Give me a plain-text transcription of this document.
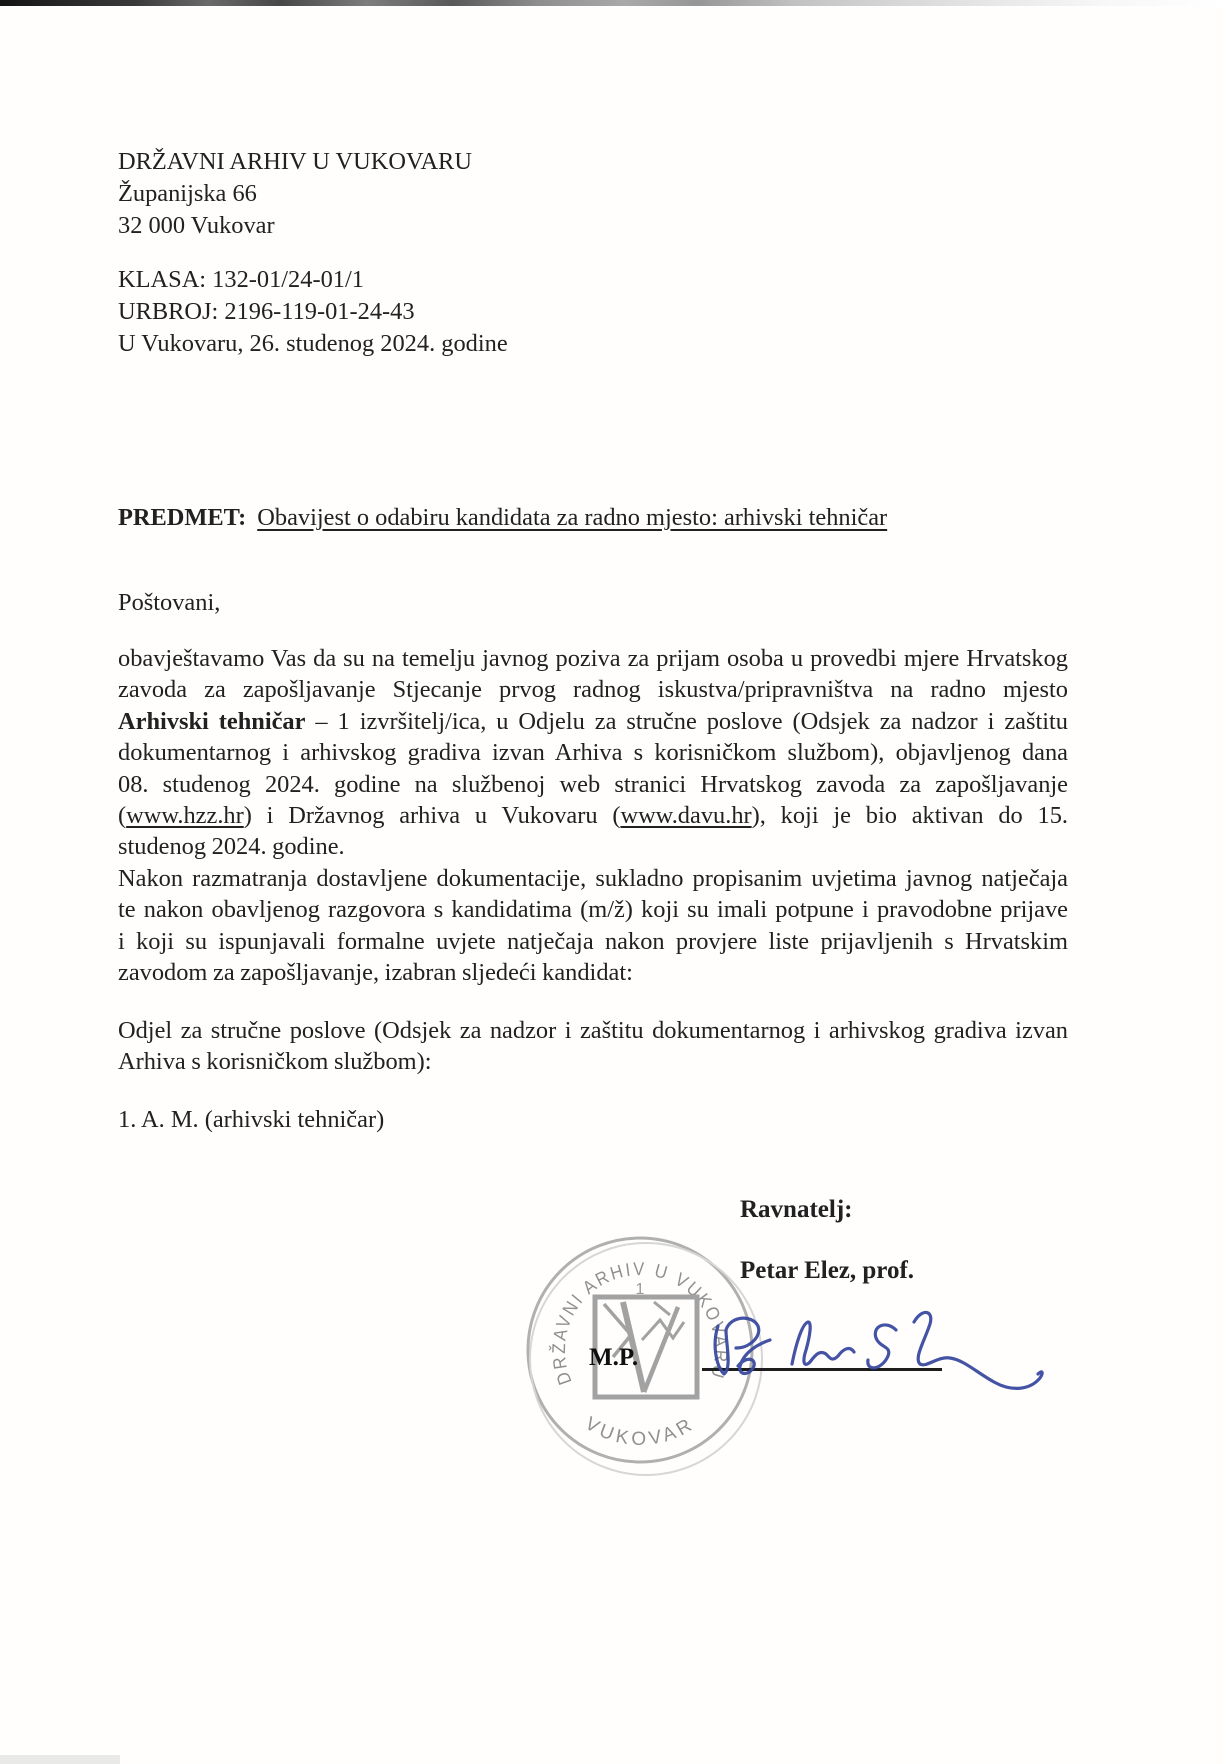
DRŽAVNI ARHIV U VUKOVARU
Županijska 66
32 000 Vukovar
KLASA: 132-01/24-01/1
URBROJ: 2196-119-01-24-43
U Vukovaru, 26. studenog 2024. godine
PREDMET: Obavijest o odabiru kandidata za radno mjesto: arhivski tehničar
Poštovani,
obavještavamo Vas da su na temelju javnog poziva za prijam osoba u provedbi mjere Hrvatskog
zavoda za zapošljavanje Stjecanje prvog radnog iskustva/pripravništva na radno mjesto
Arhivski tehničar – 1 izvršitelj/ica, u Odjelu za stručne poslove (Odsjek za nadzor i zaštitu
dokumentarnog i arhivskog gradiva izvan Arhiva s korisničkom službom), objavljenog dana
08. studenog 2024. godine na službenoj web stranici Hrvatskog zavoda za zapošljavanje
(www.hzz.hr) i Državnog arhiva u Vukovaru (www.davu.hr), koji je bio aktivan do 15.
studenog 2024. godine.
Nakon razmatranja dostavljene dokumentacije, sukladno propisanim uvjetima javnog natječaja
te nakon obavljenog razgovora s kandidatima (m/ž) koji su imali potpune i pravodobne prijave
i koji su ispunjavali formalne uvjete natječaja nakon provjere liste prijavljenih s Hrvatskim
zavodom za zapošljavanje, izabran sljedeći kandidat:
Odjel za stručne poslove (Odsjek za nadzor i zaštitu dokumentarnog i arhivskog gradiva izvan
Arhiva s korisničkom službom):
1. A. M. (arhivski tehničar)
Ravnatelj:
Petar Elez, prof.
DRŽAVNI ARHIV U VUKOVARU
VUKOVAR
1
M.P.
